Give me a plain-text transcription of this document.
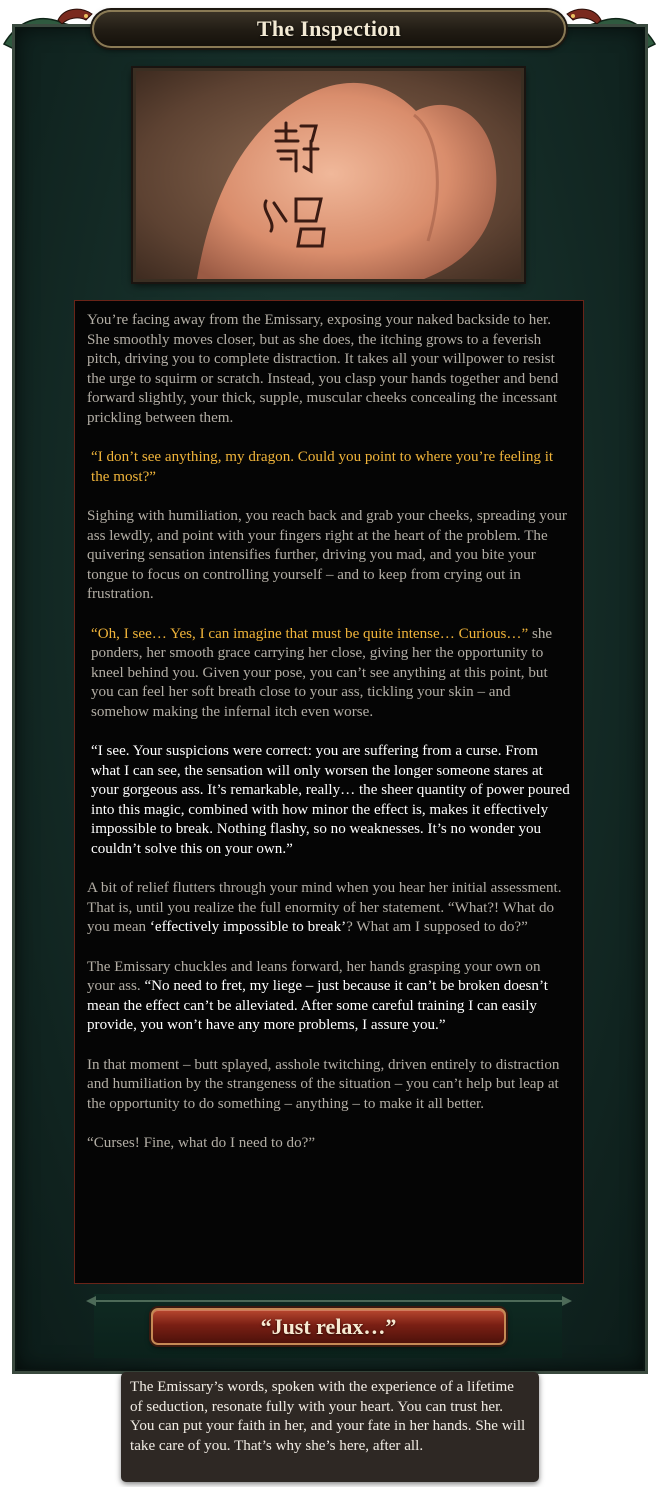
The Inspection

You’re facing away from the Emissary, exposing your naked backside to her. She smoothly moves closer, but as she does, the itching grows to a feverish pitch, driving you to complete distraction. It takes all your willpower to resist the urge to squirm or scratch. Instead, you clasp your hands together and bend forward slightly, your thick, supple, muscular cheeks concealing the incessant prickling between them.

“I don’t see anything, my dragon. Could you point to where you’re feeling it the most?”

Sighing with humiliation, you reach back and grab your cheeks, spreading your ass lewdly, and point with your fingers right at the heart of the problem. The quivering sensation intensifies further, driving you mad, and you bite your tongue to focus on controlling yourself – and to keep from crying out in frustration.

“Oh, I see… Yes, I can imagine that must be quite intense… Curious…” she ponders, her smooth grace carrying her close, giving her the opportunity to kneel behind you. Given your pose, you can’t see anything at this point, but you can feel her soft breath close to your ass, tickling your skin – and somehow making the infernal itch even worse.

“I see. Your suspicions were correct: you are suffering from a curse. From what I can see, the sensation will only worsen the longer someone stares at your gorgeous ass. It’s remarkable, really… the sheer quantity of power poured into this magic, combined with how minor the effect is, makes it effectively impossible to break. Nothing flashy, so no weaknesses. It’s no wonder you couldn’t solve this on your own.”

A bit of relief flutters through your mind when you hear her initial assessment. That is, until you realize the full enormity of her statement. “What?! What do you mean ‘effectively impossible to break’? What am I supposed to do?”

The Emissary chuckles and leans forward, her hands grasping your own on your ass. “No need to fret, my liege – just because it can’t be broken doesn’t mean the effect can’t be alleviated. After some careful training I can easily provide, you won’t have any more problems, I assure you.”

In that moment – butt splayed, asshole twitching, driven entirely to distraction and humiliation by the strangeness of the situation – you can’t help but leap at the opportunity to do something – anything – to make it all better.

“Curses! Fine, what do I need to do?”

“Just relax…”
The Emissary’s words, spoken with the experience of a lifetime of seduction, resonate fully with your heart. You can trust her. You can put your faith in her, and your fate in her hands. She will take care of you. That’s why she’s here, after all.
